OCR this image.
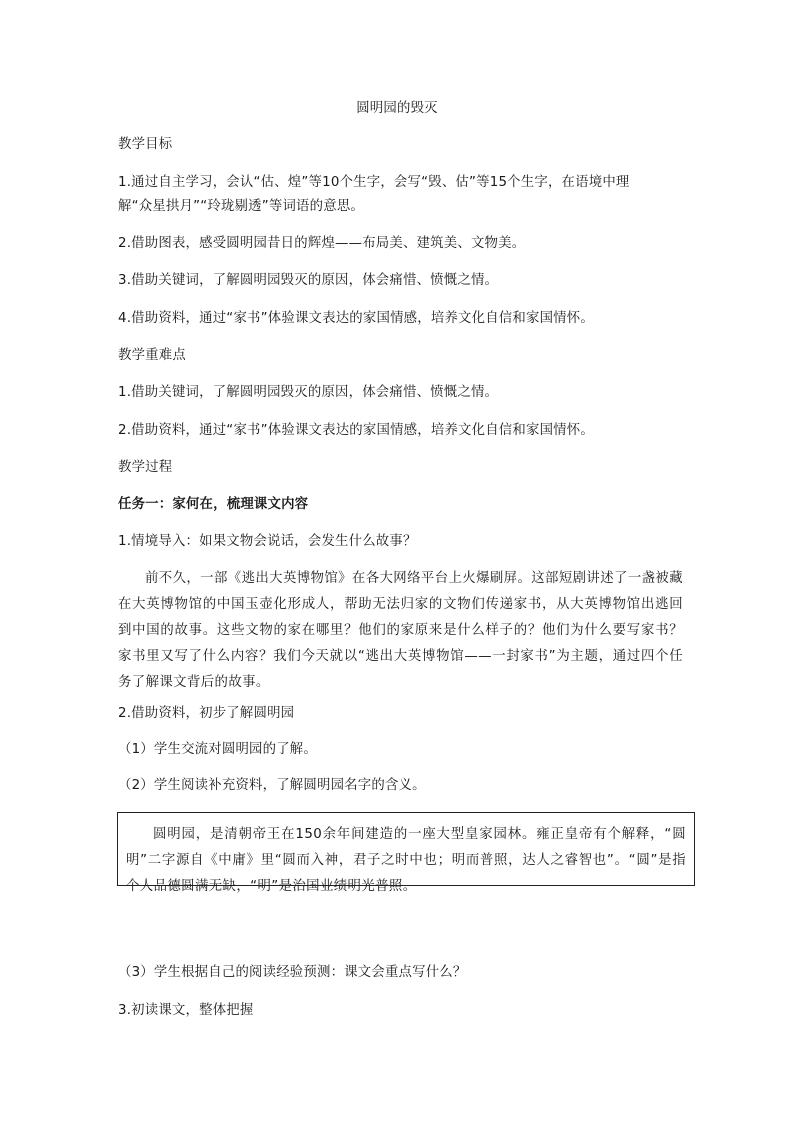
圆明园的毁灭
教学目标
1.通过自主学习，会认“估、煌”等10个生字，会写“毁、估”等15个生字，在语境中理
解“众星拱月”“玲珑剔透”等词语的意思。
2.借助图表，感受圆明园昔日的辉煌——布局美、建筑美、文物美。
3.借助关键词，了解圆明园毁灭的原因，体会痛惜、愤慨之情。
4.借助资料，通过“家书”体验课文表达的家国情感，培养文化自信和家国情怀。
教学重难点
1.借助关键词，了解圆明园毁灭的原因，体会痛惜、愤慨之情。
2.借助资料，通过“家书”体验课文表达的家国情感，培养文化自信和家国情怀。
教学过程
任务一：家何在，梳理课文内容
1.情境导入：如果文物会说话，会发生什么故事？
前不久，一部《逃出大英博物馆》在各大网络平台上火爆刷屏。这部短剧讲述了一盏被藏在大英博物馆的中国玉壶化形成人，帮助无法归家的文物们传递家书，从大英博物馆出逃回到中国的故事。这些文物的家在哪里？他们的家原来是什么样子的？他们为什么要写家书？家书里又写了什么内容？我们今天就以“逃出大英博物馆——一封家书”为主题，通过四个任务了解课文背后的故事。
2.借助资料，初步了解圆明园
（1）学生交流对圆明园的了解。
（2）学生阅读补充资料，了解圆明园名字的含义。
圆明园，是清朝帝王在150余年间建造的一座大型皇家园林。雍正皇帝有个解释，“圆明”二字源自《中庸》里“圆而入神，君子之时中也；明而普照，达人之睿智也”。“圆”是指个人品德圆满无缺，“明”是治国业绩明光普照。
（3）学生根据自己的阅读经验预测：课文会重点写什么？
3.初读课文，整体把握
